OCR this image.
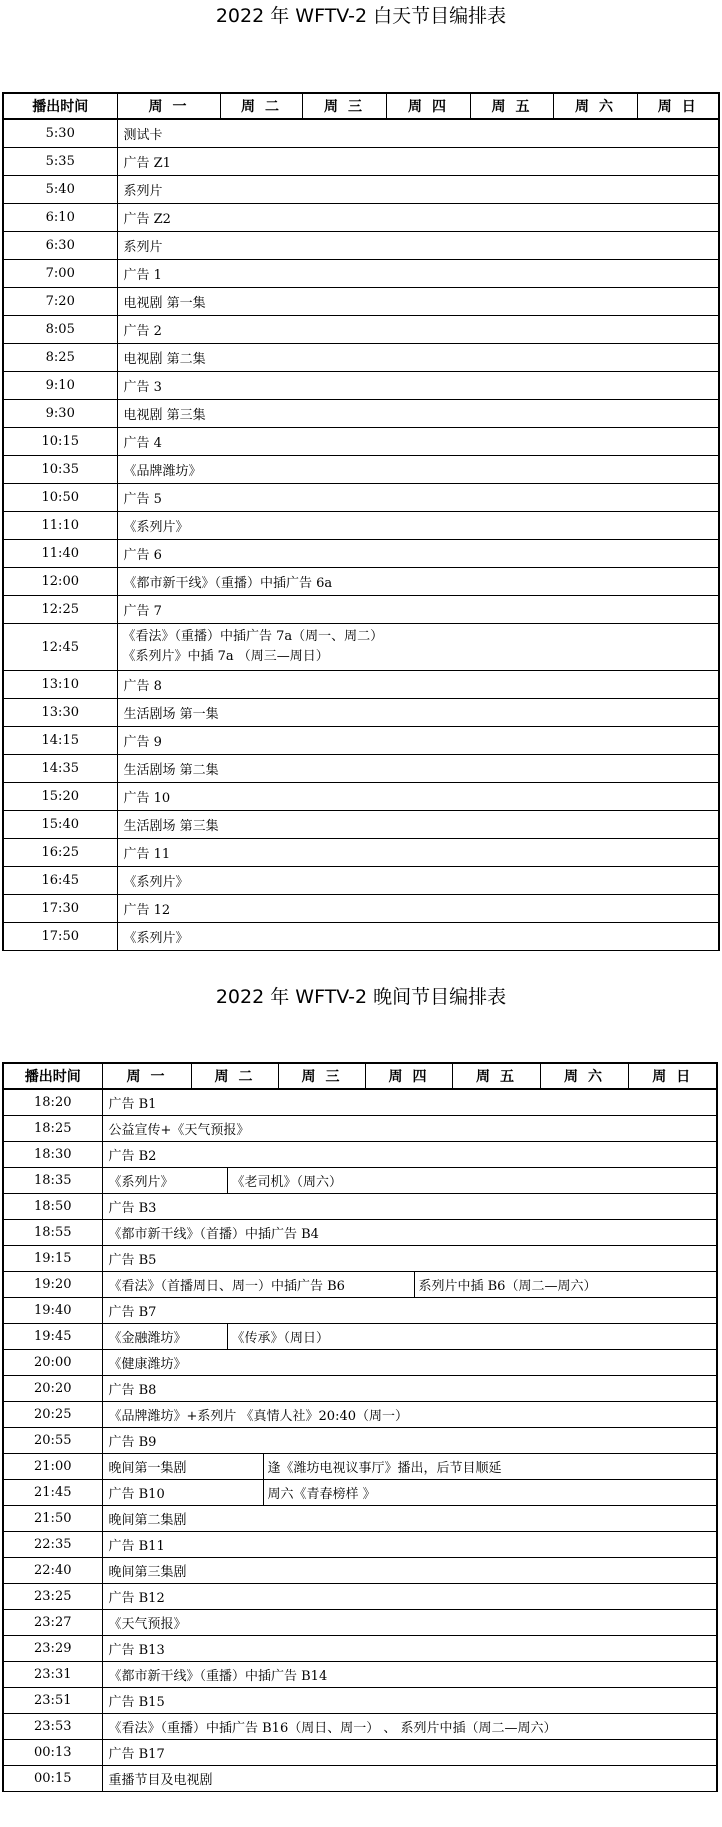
2022 年 WFTV-2 白天节目编排表
播出时间	周一	周二	周三	周四	周五	周六	周日
5:30	测试卡						
5:35	广告 Z1						
5:40	系列片						
6:10	广告 Z2						
6:30	系列片						
7:00	广告 1						
7:20	电视剧 第一集						
8:05	广告 2						
8:25	电视剧 第二集						
9:10	广告 3						
9:30	电视剧 第三集						
10:15	广告 4						
10:35	《品牌潍坊》						
10:50	广告 5						
11:10	《系列片》						
11:40	广告 6						
12:00	《都市新干线》（重播）中插广告 6a						
12:25	广告 7						
12:45	《看法》（重播）中插广告 7a（周一、周二）
《系列片》中插 7a （周三—周日）						

13:10	广告 8						
13:30	生活剧场 第一集						
14:15	广告 9						
14:35	生活剧场 第二集						
15:20	广告 10						
15:40	生活剧场 第三集						
16:25	广告 11						
16:45	《系列片》						
17:30	广告 12						
17:50	《系列片》						
2022 年 WFTV-2 晚间节目编排表
播出时间	周一	周二	周三	周四	周五	周六	周日
18:20	广告 B1						
18:25	公益宣传+《天气预报》						
18:30	广告 B2						
18:35	《系列片》 《老司机》（周六）						

18:50	广告 B3						
18:55	《都市新干线》（首播）中插广告 B4						
19:15	广告 B5						
19:20	《看法》（首播周日、周一）中插广告 B6 系列片中插 B6（周二—周六）						

19:40	广告 B7						
19:45	《金融潍坊》 《传承》（周日）						

20:00	《健康潍坊》						
20:20	广告 B8						
20:25	《品牌潍坊》+系列片 《真情人社》20:40（周一）						
20:55	广告 B9						
21:00	晚间第一集剧 逢《潍坊电视议事厅》播出，后节目顺延						

21:45	广告 B10 周六《青春榜样 》						

21:50	晚间第二集剧						
22:35	广告 B11						
22:40	晚间第三集剧						
23:25	广告 B12						
23:27	《天气预报》						
23:29	广告 B13						
23:31	《都市新干线》（重播）中插广告 B14						
23:51	广告 B15						
23:53	《看法》（重播）中插广告 B16（周日、周一） 、 系列片中插（周二—周六）						
00:13	广告 B17						
00:15	重播节目及电视剧						
